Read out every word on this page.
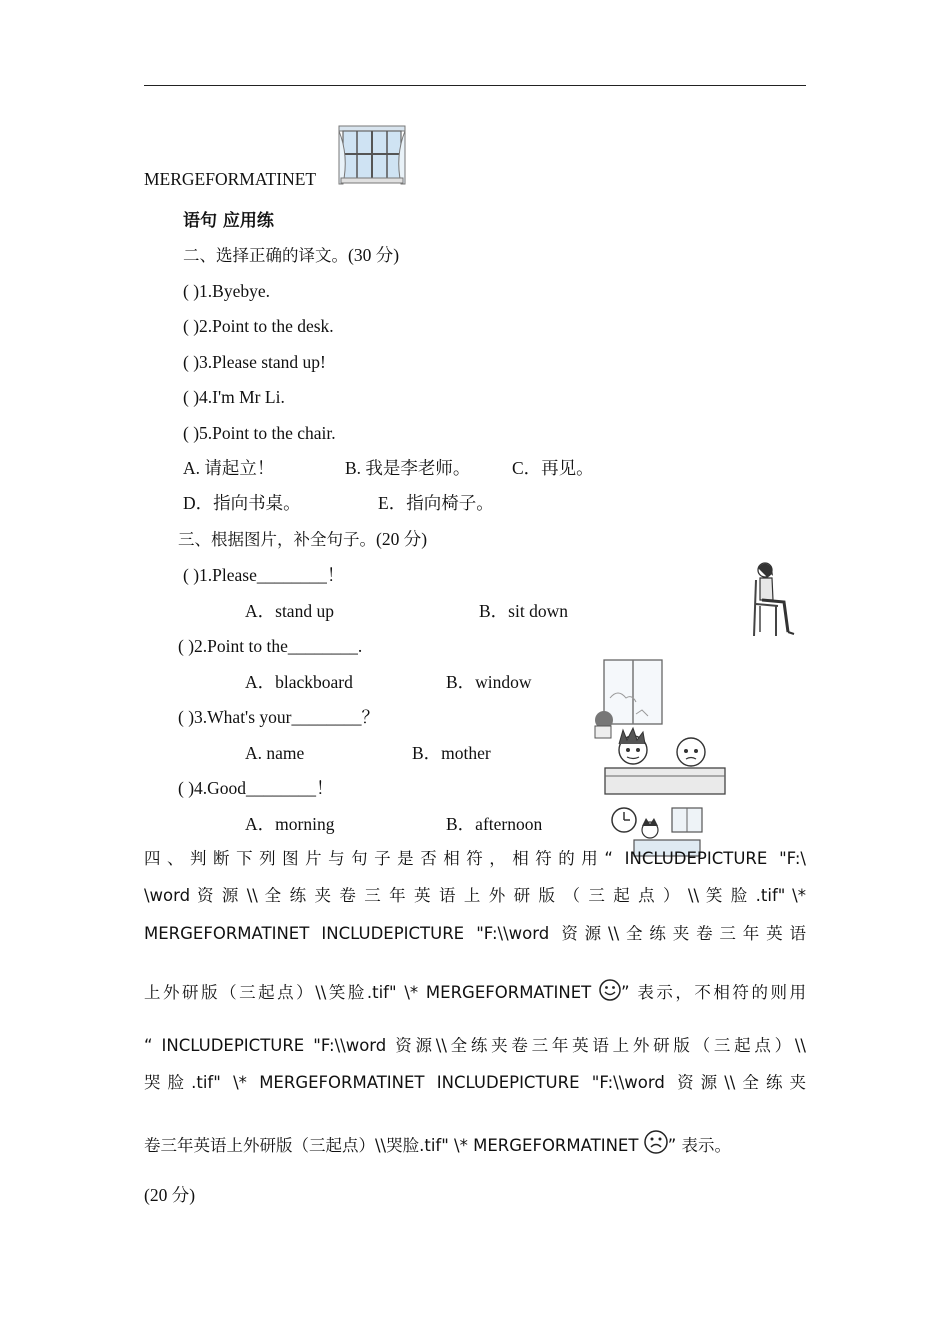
MERGEFORMATINET
语句 应用练
二、选择正确的译文。(30 分)
( )1.Byebye.
( )2.Point to the desk.
( )3.Please stand up!
( )4.I'm Mr Li.
( )5.Point to the chair.
A. 请起立！	B. 我是李老师。 C．再见。
D．指向书桌。	E．指向椅子。
三、根据图片，补全句子。(20 分)
( )1.Please________！
A．stand up	B．sit down
( )2.Point to the________.
A．blackboard	B．window
( )3.What's your________？
A. name	B．mother
( )4.Good________！
A．morning	B．afternoon
四、判断下列图片与句子是否相符，相符的用“ INCLUDEPICTURE "F:\
\word 资 源 \\ 全 练 夹 卷 三 年 英 语 上 外 研 版 （ 三 起 点 ） \\ 笑 脸 .tif" \*
MERGEFORMATINET INCLUDEPICTURE "F:\\word 资源\\全练夹卷三年英语
上外研版（三起点）\\笑脸.tif" \* MERGEFORMATINET ” 表示，不相符的则用
“ INCLUDEPICTURE "F:\\word 资源\\全练夹卷三年英语上外研版（三起点）\\
哭脸.tif" \* MERGEFORMATINET INCLUDEPICTURE "F:\\word 资源\\全练夹
卷三年英语上外研版（三起点）\\哭脸.tif" \* MERGEFORMATINET ” 表示。
(20 分)
